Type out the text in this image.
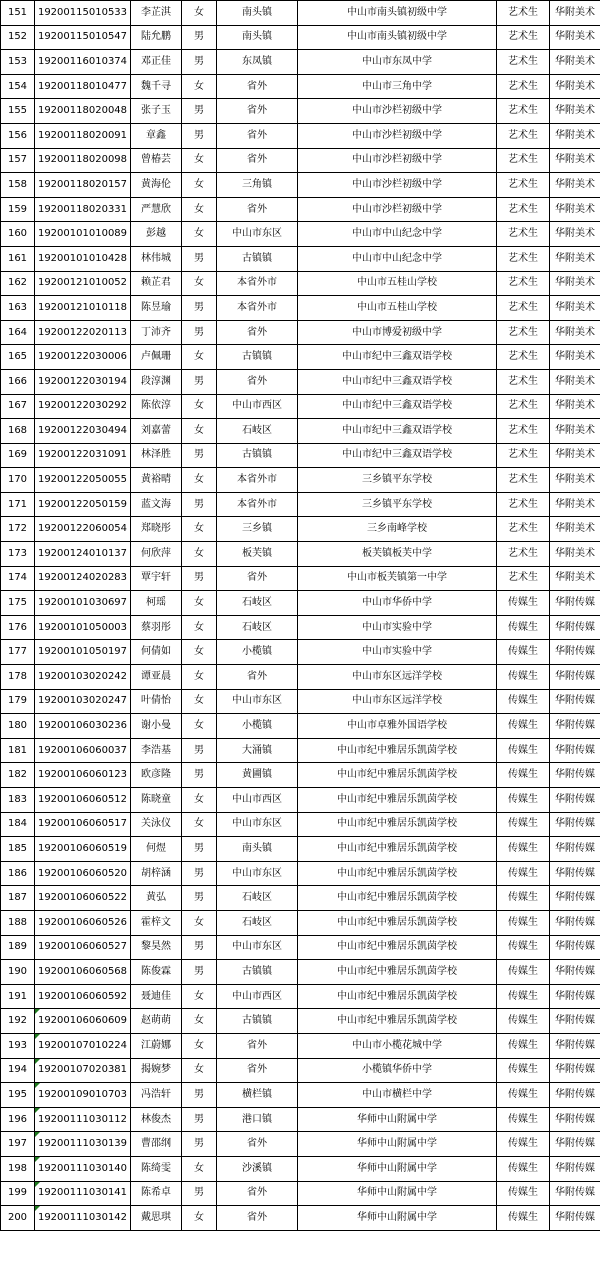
151	19200115010533	李芷淇	女	南头镇	中山市南头镇初级中学	艺术生	华附美术
152	19200115010547	陆允鹏	男	南头镇	中山市南头镇初级中学	艺术生	华附美术
153	19200116010374	邓正佳	男	东凤镇	中山市东凤中学	艺术生	华附美术
154	19200118010477	魏千寻	女	省外	中山市三角中学	艺术生	华附美术
155	19200118020048	张子玉	男	省外	中山市沙栏初级中学	艺术生	华附美术
156	19200118020091	章鑫	男	省外	中山市沙栏初级中学	艺术生	华附美术
157	19200118020098	曾椿芸	女	省外	中山市沙栏初级中学	艺术生	华附美术
158	19200118020157	黄海伦	女	三角镇	中山市沙栏初级中学	艺术生	华附美术
159	19200118020331	严慧欣	女	省外	中山市沙栏初级中学	艺术生	华附美术
160	19200101010089	彭越	女	中山市东区	中山市中山纪念中学	艺术生	华附美术
161	19200101010428	林伟城	男	古镇镇	中山市中山纪念中学	艺术生	华附美术
162	19200121010052	赖芷君	女	本省外市	中山市五桂山学校	艺术生	华附美术
163	19200121010118	陈昱瑜	男	本省外市	中山市五桂山学校	艺术生	华附美术
164	19200122020113	丁沛齐	男	省外	中山市博爱初级中学	艺术生	华附美术
165	19200122030006	卢佩珊	女	古镇镇	中山市纪中三鑫双语学校	艺术生	华附美术
166	19200122030194	段淳渊	男	省外	中山市纪中三鑫双语学校	艺术生	华附美术
167	19200122030292	陈依淳	女	中山市西区	中山市纪中三鑫双语学校	艺术生	华附美术
168	19200122030494	刘嘉蕾	女	石岐区	中山市纪中三鑫双语学校	艺术生	华附美术
169	19200122031091	林泽胜	男	古镇镇	中山市纪中三鑫双语学校	艺术生	华附美术
170	19200122050055	黄裕晴	女	本省外市	三乡镇平东学校	艺术生	华附美术
171	19200122050159	蓝文海	男	本省外市	三乡镇平东学校	艺术生	华附美术
172	19200122060054	郑晓彤	女	三乡镇	三乡南峰学校	艺术生	华附美术
173	19200124010137	何欣萍	女	板芙镇	板芙镇板芙中学	艺术生	华附美术
174	19200124020283	覃宇轩	男	省外	中山市板芙镇第一中学	艺术生	华附美术
175	19200101030697	柯瑶	女	石岐区	中山市华侨中学	传媒生	华附传媒
176	19200101050003	蔡羽彤	女	石岐区	中山市实验中学	传媒生	华附传媒
177	19200101050197	何倩如	女	小榄镇	中山市实验中学	传媒生	华附传媒
178	19200103020242	谭亚晨	女	省外	中山市东区远洋学校	传媒生	华附传媒
179	19200103020247	叶倩怡	女	中山市东区	中山市东区远洋学校	传媒生	华附传媒
180	19200106030236	谢小曼	女	小榄镇	中山市卓雅外国语学校	传媒生	华附传媒
181	19200106060037	李浩基	男	大涌镇	中山市纪中雅居乐凯茵学校	传媒生	华附传媒
182	19200106060123	欧彦隆	男	黄圃镇	中山市纪中雅居乐凯茵学校	传媒生	华附传媒
183	19200106060512	陈晓童	女	中山市西区	中山市纪中雅居乐凯茵学校	传媒生	华附传媒
184	19200106060517	关泳仪	女	中山市东区	中山市纪中雅居乐凯茵学校	传媒生	华附传媒
185	19200106060519	何煜	男	南头镇	中山市纪中雅居乐凯茵学校	传媒生	华附传媒
186	19200106060520	胡梓涵	男	中山市东区	中山市纪中雅居乐凯茵学校	传媒生	华附传媒
187	19200106060522	黄弘	男	石岐区	中山市纪中雅居乐凯茵学校	传媒生	华附传媒
188	19200106060526	霍梓文	女	石岐区	中山市纪中雅居乐凯茵学校	传媒生	华附传媒
189	19200106060527	黎昊然	男	中山市东区	中山市纪中雅居乐凯茵学校	传媒生	华附传媒
190	19200106060568	陈俊霖	男	古镇镇	中山市纪中雅居乐凯茵学校	传媒生	华附传媒
191	19200106060592	聂迪佳	女	中山市西区	中山市纪中雅居乐凯茵学校	传媒生	华附传媒
192	19200106060609	赵萌萌	女	古镇镇	中山市纪中雅居乐凯茵学校	传媒生	华附传媒
193	19200107010224	江蔚娜	女	省外	中山市小榄花城中学	传媒生	华附传媒
194	19200107020381	揭婉梦	女	省外	小榄镇华侨中学	传媒生	华附传媒
195	19200109010703	冯浩轩	男	横栏镇	中山市横栏中学	传媒生	华附传媒
196	19200111030112	林俊杰	男	港口镇	华师中山附属中学	传媒生	华附传媒
197	19200111030139	曹邵纲	男	省外	华师中山附属中学	传媒生	华附传媒
198	19200111030140	陈绮雯	女	沙溪镇	华师中山附属中学	传媒生	华附传媒
199	19200111030141	陈希卓	男	省外	华师中山附属中学	传媒生	华附传媒
200	19200111030142	戴思琪	女	省外	华师中山附属中学	传媒生	华附传媒
